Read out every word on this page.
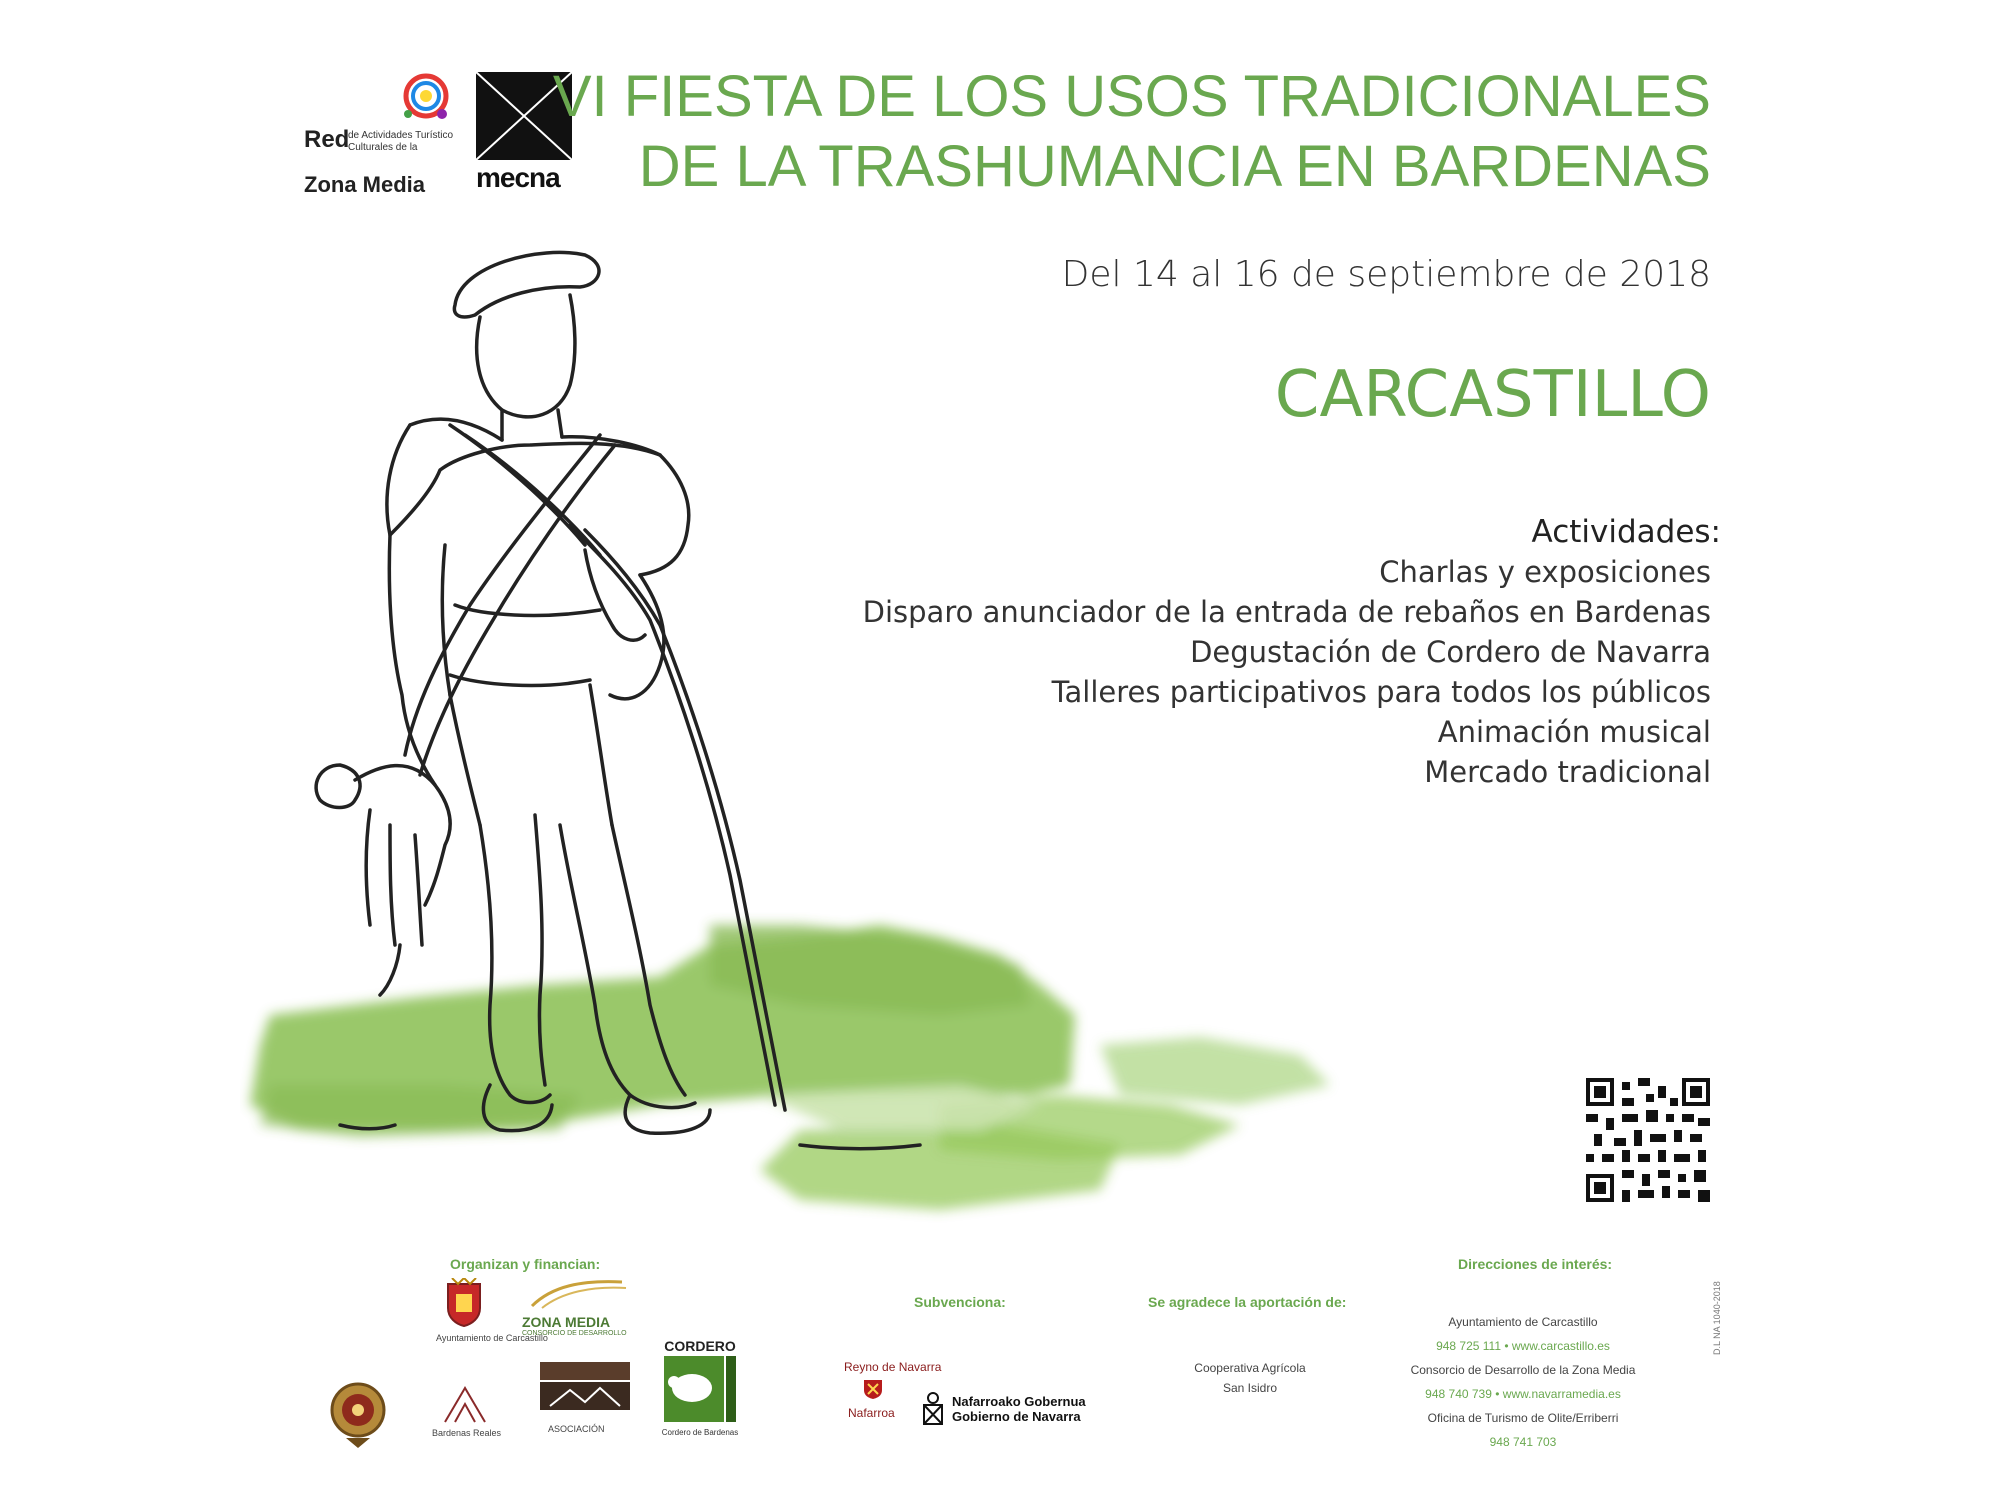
Red
de Actividades Turístico Culturales de la
Zona Media mecna
VI FIESTA DE LOS USOS TRADICIONALES
DE LA TRASHUMANCIA EN BARDENAS
Del 14 al 16 de septiembre de 2018
CARCASTILLO
Actividades:
Charlas y exposiciones
Disparo anunciador de la entrada de rebaños en Bardenas
Degustación de Cordero de Navarra
Talleres participativos para todos los públicos
Animación musical
Mercado tradicional
Organizan y financian:
Subvenciona:	Se agradece la aportación de:
Direcciones de interés:
Ayuntamiento de Carcastillo
ZONA MEDIA
CONSORCIO DE DESARROLLO
CORDERO
Cordero de Bardenas
Bardenas Reales	ASOCIACIÓN
Reyno de Navarra
Nafarroa
Nafarroako Gobernua
Gobierno de Navarra
Cooperativa Agrícola
San Isidro
Ayuntamiento de Carcastillo
948 725 111 • www.carcastillo.es
Consorcio de Desarrollo de la Zona Media
948 740 739 • www.navarramedia.es
Oficina de Turismo de Olite/Erriberri
948 741 703
D.L NA 1040-2018
